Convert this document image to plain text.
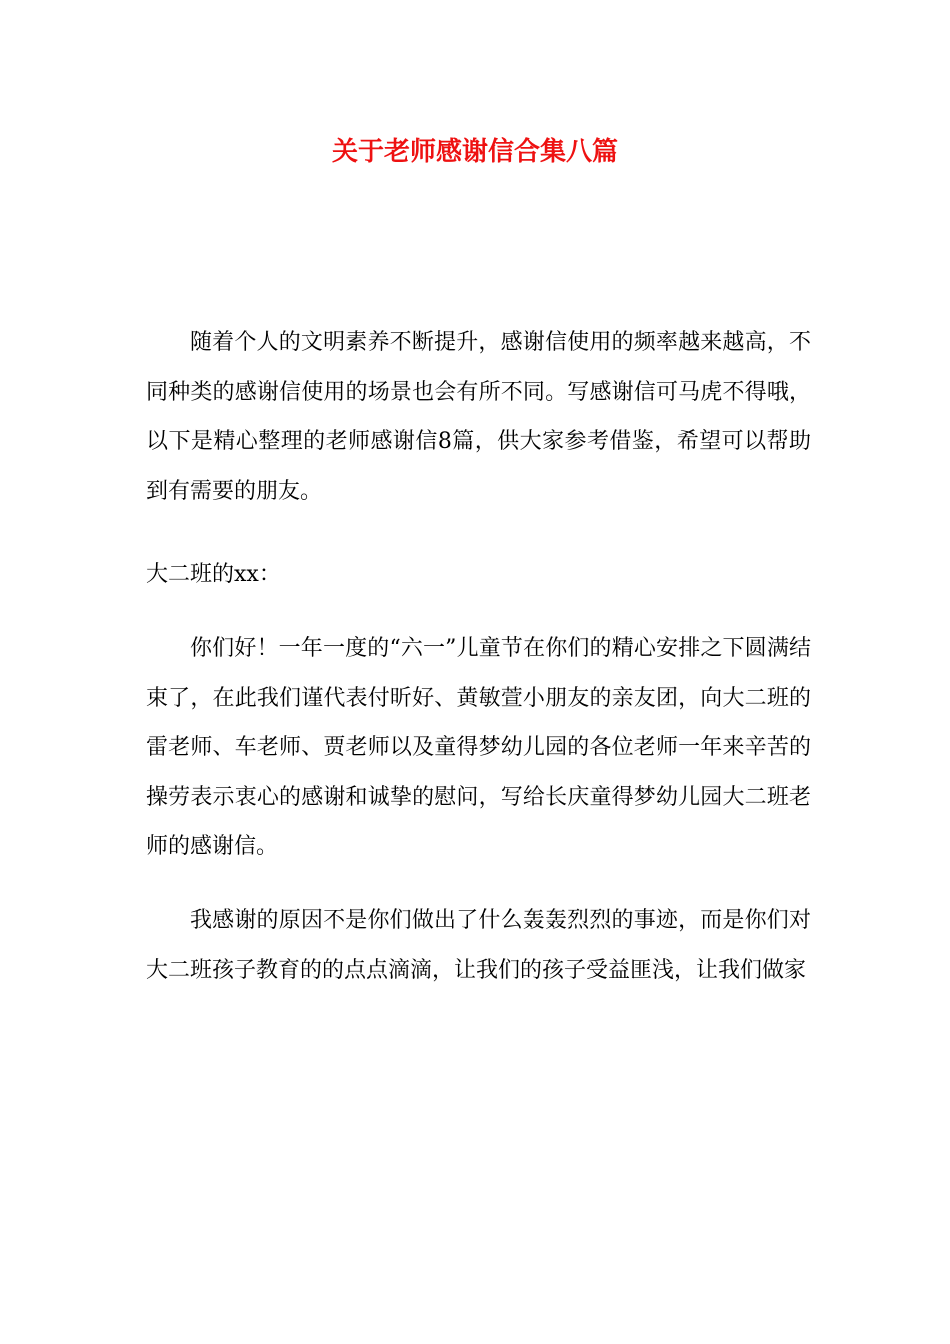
关于老师感谢信合集八篇

随着个人的文明素养不断提升，感谢信使用的频率越来越高，不同种类的感谢信使用的场景也会有所不同。写感谢信可马虎不得哦，以下是精心整理的老师感谢信8篇，供大家参考借鉴，希望可以帮助到有需要的朋友。

大二班的xx：

你们好！一年一度的“六一”儿童节在你们的精心安排之下圆满结束了，在此我们谨代表付昕好、黄敏萱小朋友的亲友团，向大二班的雷老师、车老师、贾老师以及童得梦幼儿园的各位老师一年来辛苦的操劳表示衷心的感谢和诚挚的慰问，写给长庆童得梦幼儿园大二班老师的感谢信。

我感谢的原因不是你们做出了什么轰轰烈烈的事迹，而是你们对大二班孩子教育的的点点滴滴，让我们的孩子受益匪浅，让我们做家
